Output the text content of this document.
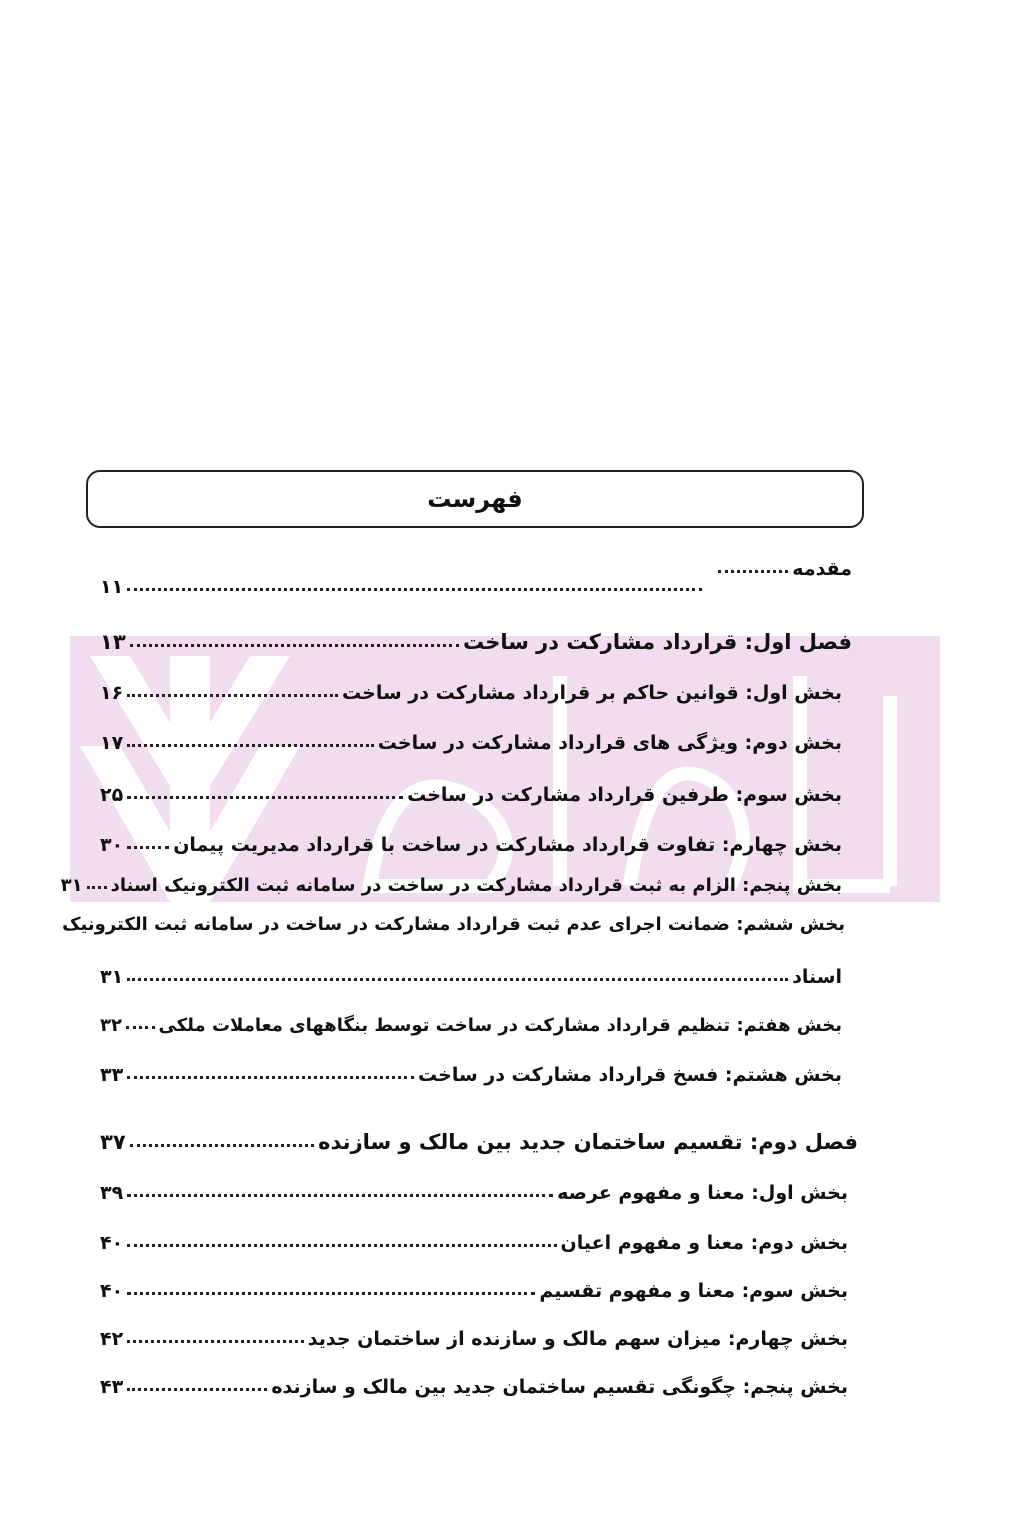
فهرست
مقدمه
۱۱
فصل اول: قرارداد مشارکت در ساخت
۱۳
بخش اول: قوانین حاکم بر قرارداد مشارکت در ساخت
۱۶
بخش دوم: ویژگی های قرارداد مشارکت در ساخت
۱۷
بخش سوم: طرفین قرارداد مشارکت در ساخت
۲۵
بخش چهارم: تفاوت قرارداد مشارکت در ساخت با قرارداد مدیریت پیمان
۳۰
بخش پنجم: الزام به ثبت قرارداد مشارکت در ساخت در سامانه ثبت الکترونیک اسناد
۳۱
بخش ششم: ضمانت اجرای عدم ثبت قرارداد مشارکت در ساخت در سامانه ثبت الکترونیک
اسناد
۳۱
بخش هفتم: تنظیم قرارداد مشارکت در ساخت توسط بنگاههای معاملات ملکی
۳۲
بخش هشتم: فسخ قرارداد مشارکت در ساخت
۳۳
فصل دوم: تقسیم ساختمان جدید بین مالک و سازنده
۳۷
بخش اول: معنا و مفهوم عرصه
۳۹
بخش دوم: معنا و مفهوم اعیان
۴۰
بخش سوم: معنا و مفهوم تقسیم
۴۰
بخش چهارم: میزان سهم مالک و سازنده از ساختمان جدید
۴۲
بخش پنجم: چگونگی تقسیم ساختمان جدید بین مالک و سازنده
۴۳
